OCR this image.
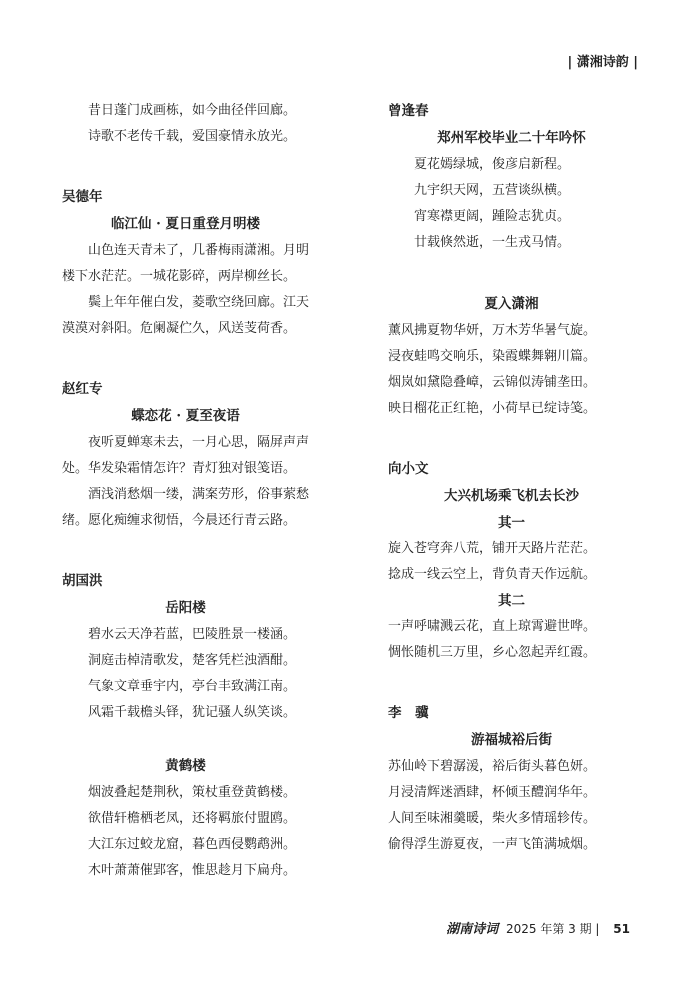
| 潇湘诗韵 |

昔日蓬门成画栋，如今曲径伴回廊。

诗歌不老传千载，爱国豪情永放光。

吴德年

临江仙 · 夏日重登月明楼

山色连天青未了，几番梅雨潇湘。月明

楼下水茫茫。一城花影碎，两岸柳丝长。

鬓上年年催白发，菱歌空绕回廊。江天

漠漠对斜阳。危阑凝伫久，风送芰荷香。

赵红专

蝶恋花 · 夏至夜语

夜听夏蝉寒未去，一月心思，隔屏声声

处。华发染霜情怎许？青灯独对银笺语。

酒浅消愁烟一缕，满案劳形，俗事萦愁

绪。愿化痴缠求彻悟，今晨还行青云路。

胡国洪

岳阳楼

碧水云天净若蓝，巴陵胜景一楼涵。

洞庭击棹清歌发，楚客凭栏浊酒酣。

气象文章垂宇内，亭台丰致满江南。

风霜千载檐头铎，犹记骚人纵笑谈。

黄鹤楼

烟波叠起楚荆秋，策杖重登黄鹤楼。

欲借轩檐栖老凤，还将羁旅付盟鸥。

大江东过蛟龙窟，暮色西侵鹦鹉洲。

木叶萧萧催郢客，惟思趁月下扁舟。

曾逢春

郑州军校毕业二十年吟怀

夏花嫣绿城，俊彦启新程。

九宇织天网，五营谈纵横。

宵寒襟更阔，踵险志犹贞。

廿载倏然逝，一生戎马情。

夏入潇湘

薰风拂夏物华妍，万木芳华暑气旋。

浸夜蛙鸣交响乐，染霞蝶舞翱川篇。

烟岚如黛隐叠嶂，云锦似涛铺垄田。

映日榴花正红艳，小荷早已绽诗笺。

向小文

大兴机场乘飞机去长沙

其一

旋入苍穹奔八荒，铺开天路片茫茫。

捻成一线云空上，背负青天作远航。

其二

一声呼啸溅云花，直上琼霄避世哗。

惆怅随机三万里，乡心忽起弄红霞。

李　骥

游福城裕后街

苏仙岭下碧潺湲，裕后街头暮色妍。

月浸清辉迷酒肆，杯倾玉醴润华年。

人间至味湘羹暖，柴火多情瑶轸传。

偷得浮生游夏夜，一声飞笛满城烟。

湖南诗词 2025 年第 3 期 | 51
